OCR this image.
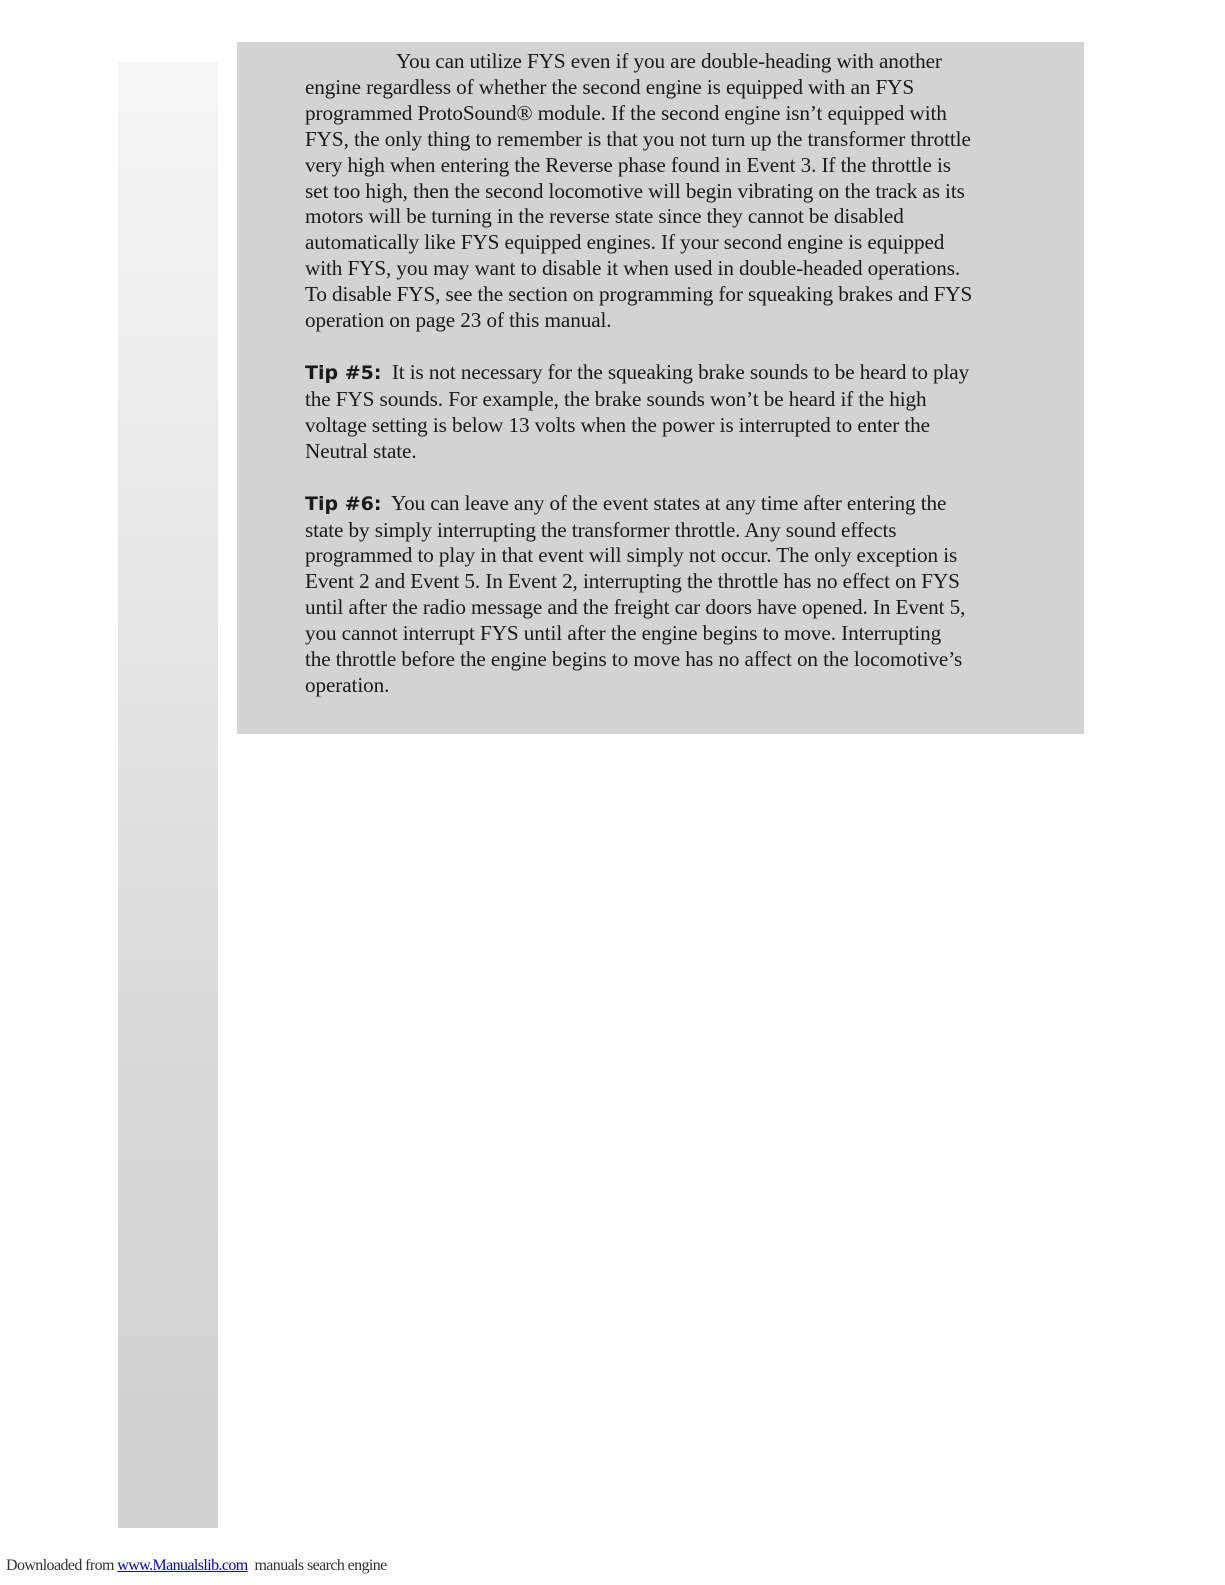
You can utilize FYS even if you are double-heading with another
engine regardless of whether the second engine is equipped with an FYS
programmed ProtoSound® module. If the second engine isn’t equipped with
FYS, the only thing to remember is that you not turn up the transformer throttle
very high when entering the Reverse phase found in Event 3. If the throttle is
set too high, then the second locomotive will begin vibrating on the track as its
motors will be turning in the reverse state since they cannot be disabled
automatically like FYS equipped engines. If your second engine is equipped
with FYS, you may want to disable it when used in double-headed operations.
To disable FYS, see the section on programming for squeaking brakes and FYS
operation on page 23 of this manual.

Tip #5:  It is not necessary for the squeaking brake sounds to be heard to play
the FYS sounds. For example, the brake sounds won’t be heard if the high
voltage setting is below 13 volts when the power is interrupted to enter the
Neutral state.

Tip #6:  You can leave any of the event states at any time after entering the
state by simply interrupting the transformer throttle. Any sound effects
programmed to play in that event will simply not occur. The only exception is
Event 2 and Event 5. In Event 2, interrupting the throttle has no effect on FYS
until after the radio message and the freight car doors have opened. In Event 5,
you cannot interrupt FYS until after the engine begins to move. Interrupting
the throttle before the engine begins to move has no affect on the locomotive’s
operation.

Downloaded from www.Manualslib.com  manuals search engine
